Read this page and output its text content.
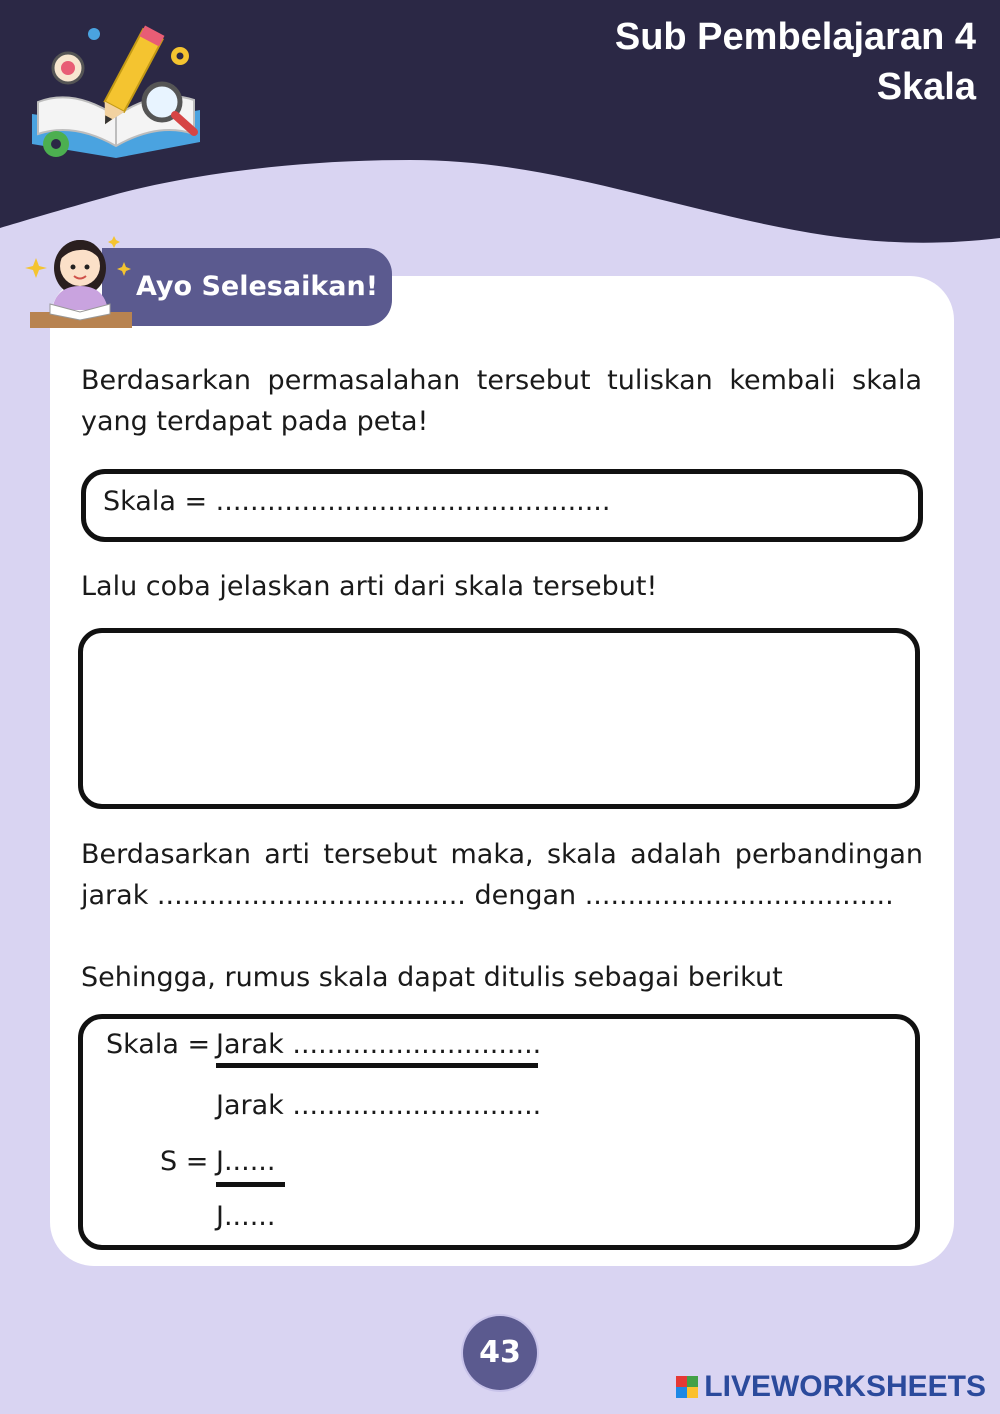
Sub Pembelajaran 4
Skala
Ayo Selesaikan!
Berdasarkan permasalahan tersebut tuliskan kembali skala
yang terdapat pada peta!
Skala = ..............................................
Lalu coba jelaskan arti dari skala tersebut!
Berdasarkan arti tersebut maka, skala adalah perbandingan
jarak .................................... dengan ....................................
Sehingga, rumus skala dapat ditulis sebagai berikut
Skala = Jarak .............................
Jarak .............................
S = J......
J......
43
LIVEWORKSHEETS
